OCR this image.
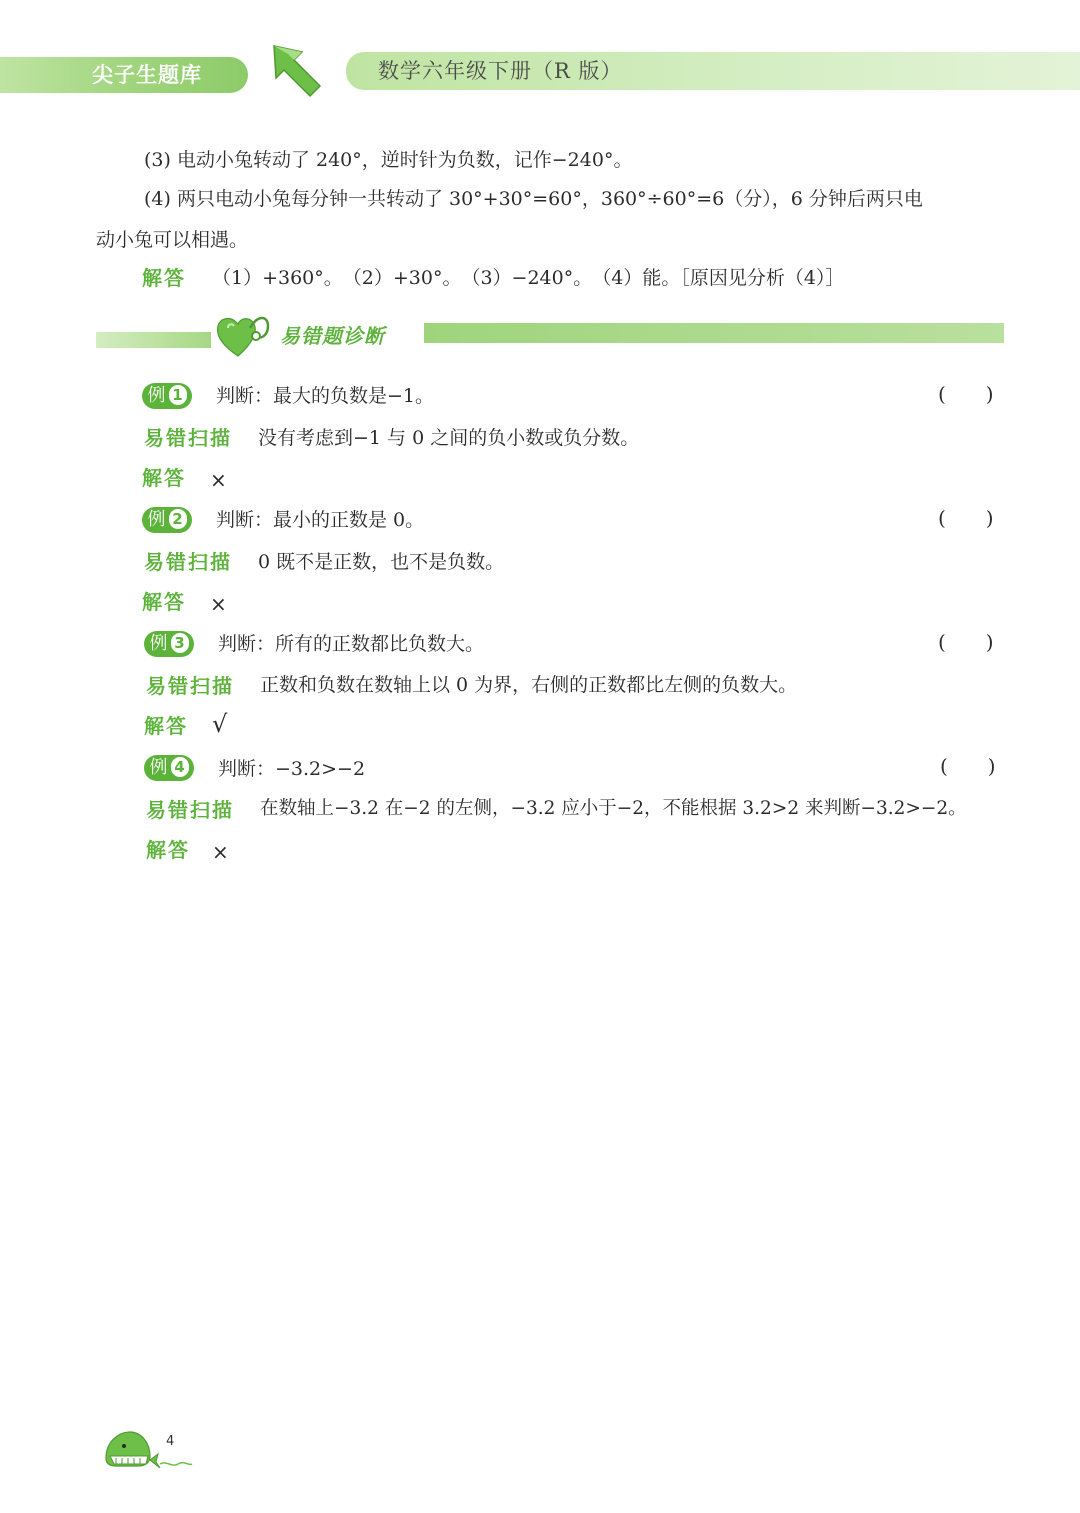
尖子生题库	数学六年级下册（R 版）
(3) 电动小兔转动了 240°，逆时针为负数，记作−240°。
(4) 两只电动小兔每分钟一共转动了 30°+30°=60°，360°÷60°=6（分），6 分钟后两只电
动小兔可以相遇。
解答 （1）+360°。　（2）+30°。　（3）−240°。　（4）能。［原因见分析（4）］
易错题诊断
例 1	判断：最大的负数是−1。	(　　)
易错扫描 没有考虑到−1 与 0 之间的负小数或负分数。
解答 ×
例 2	判断：最小的正数是 0。	(　　)
易错扫描 0 既不是正数，也不是负数。
解答 ×
例 3	判断：所有的正数都比负数大。	(　　)
易错扫描 正数和负数在数轴上以 0 为界，右侧的正数都比左侧的负数大。
解答 √
例 4	判断：−3.2>−2	(　　)
易错扫描 在数轴上−3.2 在−2 的左侧，−3.2 应小于−2，不能根据 3.2>2 来判断−3.2>−2。
解答 ×
4
